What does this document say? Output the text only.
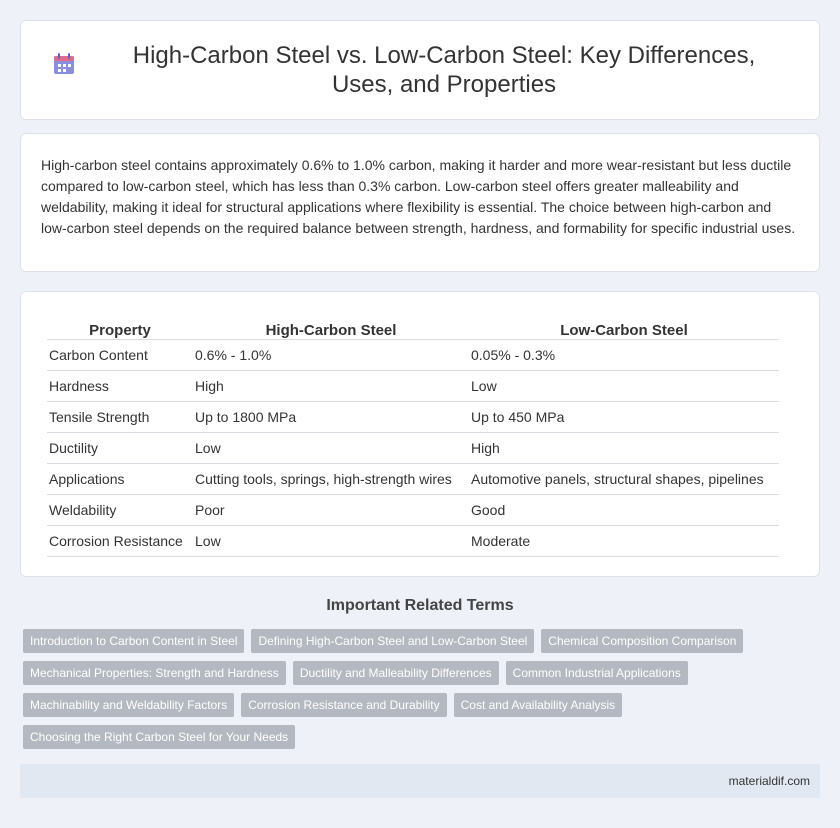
High-Carbon Steel vs. Low-Carbon Steel: Key Differences, Uses, and Properties

High-carbon steel contains approximately 0.6% to 1.0% carbon, making it harder and more wear-resistant but less ductile compared to low-carbon steel, which has less than 0.3% carbon. Low-carbon steel offers greater malleability and weldability, making it ideal for structural applications where flexibility is essential. The choice between high-carbon and low-carbon steel depends on the required balance between strength, hardness, and formability for specific industrial uses.

Property	High-Carbon Steel	Low-Carbon Steel
Carbon Content	0.6% - 1.0%	0.05% - 0.3%
Hardness	High	Low
Tensile Strength	Up to 1800 MPa	Up to 450 MPa
Ductility	Low	High
Applications	Cutting tools, springs, high-strength wires	Automotive panels, structural shapes, pipelines
Weldability	Poor	Good
Corrosion Resistance	Low	Moderate
Important Related Terms
Introduction to Carbon Content in Steel	Defining High-Carbon Steel and Low-Carbon Steel	Chemical Composition Comparison
Mechanical Properties: Strength and Hardness	Ductility and Malleability Differences	Common Industrial Applications
Machinability and Weldability Factors	Corrosion Resistance and Durability	Cost and Availability Analysis
Choosing the Right Carbon Steel for Your Needs
materialdif.com
